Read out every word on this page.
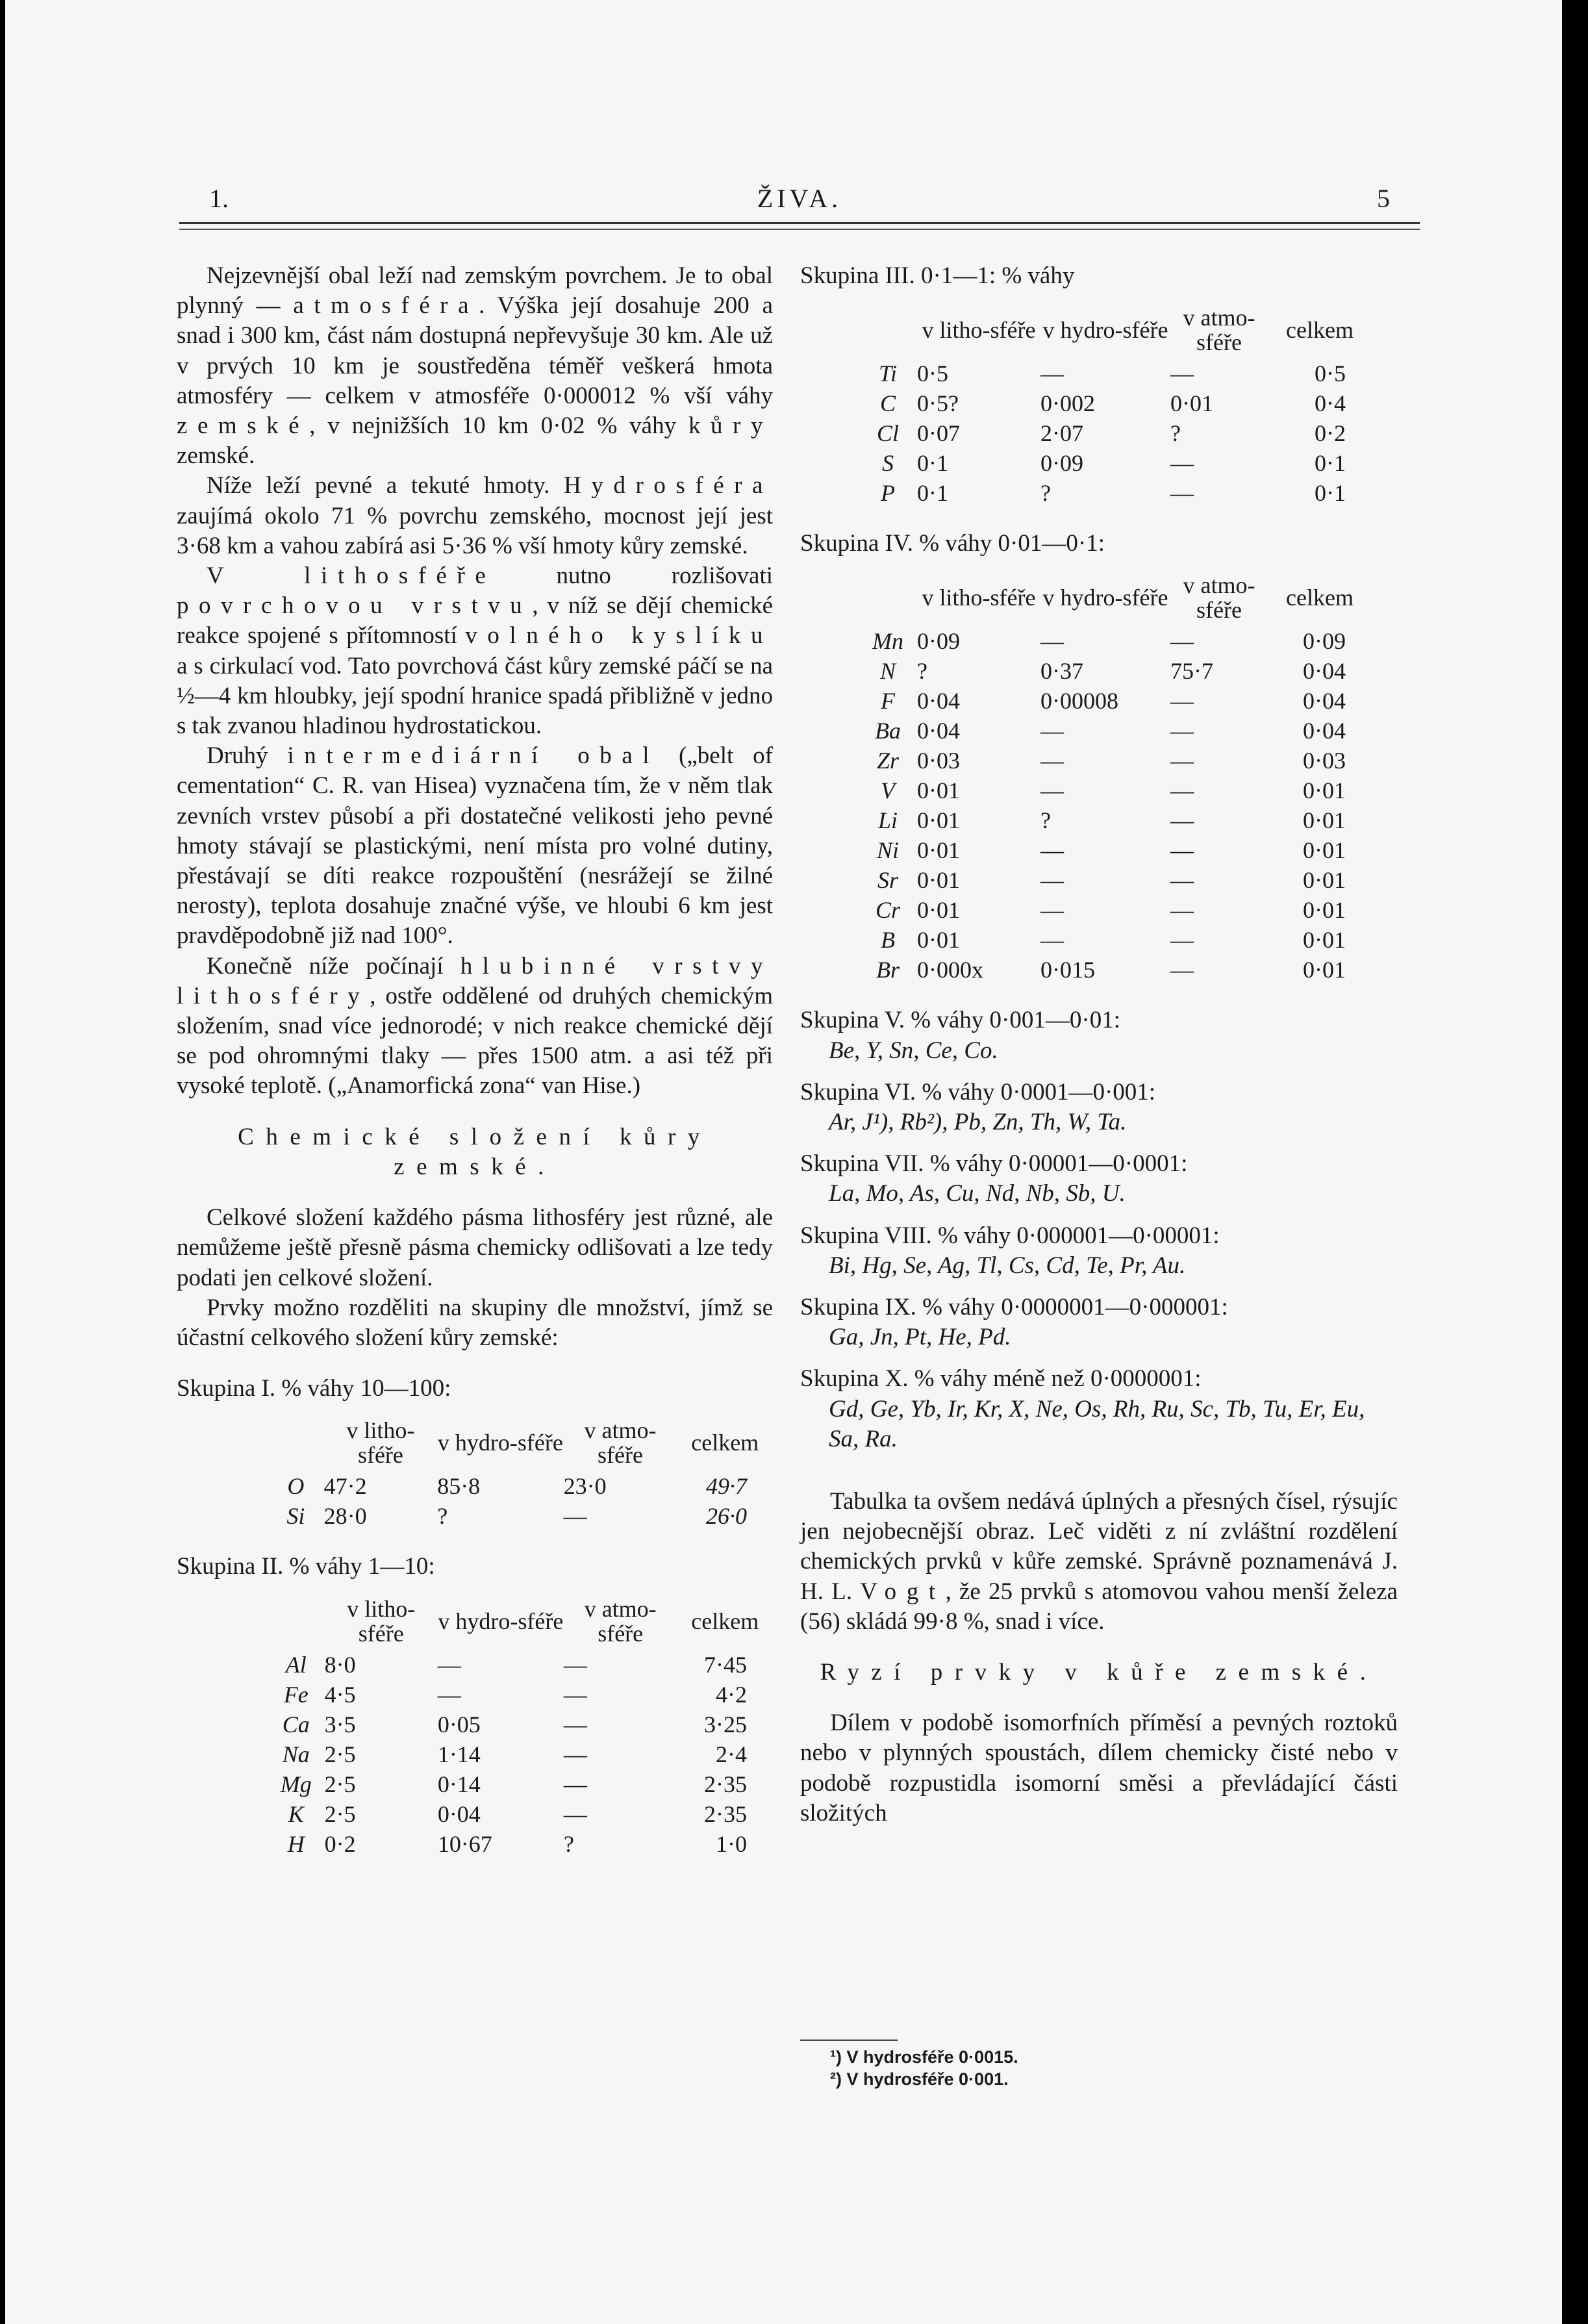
1.	ŽIVA.	5

Nejzevnější obal leží nad zemským povrchem. Je to obal plynný — atmosféra. Výška její dosahuje 200 a snad i 300 km, část nám dostupná nepřevyšuje 30 km. Ale už v prvých 10 km je soustředěna téměř veškerá hmota atmosféry — celkem v atmosféře 0·000012 % vší váhy zemské, v nejnižších 10 km 0·02 % váhy kůry zemské.

Níže leží pevné a tekuté hmoty. Hydrosféra zaujímá okolo 71 % povrchu zemského, mocnost její jest 3·68 km a vahou zabírá asi 5·36 % vší hmoty kůry zemské.

V lithosféře nutno rozlišovati povrchovou vrstvu, v níž se dějí chemické reakce spojené s přítomností volného kyslíku a s cirkulací vod. Tato povrchová část kůry zemské páčí se na ½—4 km hloubky, její spodní hranice spadá přibližně v jedno s tak zvanou hladinou hydrostatickou.

Druhý intermediární obal („belt of cementation“ C. R. van Hisea) vyznačena tím, že v něm tlak zevních vrstev působí a při dostatečné velikosti jeho pevné hmoty stávají se plastickými, není místa pro volné dutiny, přestávají se díti reakce rozpouštění (nesrážejí se žilné nerosty), teplota dosahuje značné výše, ve hloubi 6 km jest pravděpodobně již nad 100°.

Konečně níže počínají hlubinné vrstvy lithosféry, ostře oddělené od druhých chemickým složením, snad více jednorodé; v nich reakce chemické dějí se pod ohromnými tlaky — přes 1500 atm. a asi též při vysoké teplotě. („Anamorfická zona“ van Hise.)

Chemické složení kůry zemské.

Celkové složení každého pásma lithosféry jest různé, ale nemůžeme ještě přesně pásma chemicky odlišovati a lze tedy podati jen celkové složení.

Prvky možno rozděliti na skupiny dle množství, jímž se účastní celkového složení kůry zemské:

Skupina I. % váhy 10—100:

	v litho-sféře	v hydro-sféře	v atmo-sféře	celkem
O	47·2	85·8	23·0	49·7
Si	28·0	?	—	26·0

Skupina II. % váhy 1—10:

	v litho-sféře	v hydro-sféře	v atmo-sféře	celkem
Al	8·0	—	—	7·45
Fe	4·5	—	—	4·2
Ca	3·5	0·05	—	3·25
Na	2·5	1·14	—	2·4
Mg	2·5	0·14	—	2·35
K	2·5	0·04	—	2·35
H	0·2	10·67	?	1·0

Skupina III. 0·1—1: % váhy

	v litho-sféře	v hydro-sféře	v atmo-sféře	celkem
Ti	0·5	—	—	0·5
C	0·5?	0·002	0·01	0·4
Cl	0·07	2·07	?	0·2
S	0·1	0·09	—	0·1
P	0·1	?	—	0·1

Skupina IV. % váhy 0·01—0·1:

	v litho-sféře	v hydro-sféře	v atmo-sféře	celkem
Mn	0·09	—	—	0·09
N	?	0·37	75·7	0·04
F	0·04	0·00008	—	0·04
Ba	0·04	—	—	0·04
Zr	0·03	—	—	0·03
V	0·01	—	—	0·01
Li	0·01	?	—	0·01
Ni	0·01	—	—	0·01
Sr	0·01	—	—	0·01
Cr	0·01	—	—	0·01
B	0·01	—	—	0·01
Br	0·000x	0·015	—	0·01

Skupina V. % váhy 0·001—0·01:

Be, Y, Sn, Ce, Co.

Skupina VI. % váhy 0·0001—0·001:

Ar, J¹), Rb²), Pb, Zn, Th, W, Ta.

Skupina VII. % váhy 0·00001—0·0001:

La, Mo, As, Cu, Nd, Nb, Sb, U.

Skupina VIII. % váhy 0·000001—0·00001:

Bi, Hg, Se, Ag, Tl, Cs, Cd, Te, Pr, Au.

Skupina IX. % váhy 0·0000001—0·000001:

Ga, Jn, Pt, He, Pd.

Skupina X. % váhy méně než 0·0000001:

Gd, Ge, Yb, Ir, Kr, X, Ne, Os, Rh, Ru, Sc, Tb, Tu, Er, Eu, Sa, Ra.

Tabulka ta ovšem nedává úplných a přesných čísel, rýsujíc jen nejobecnější obraz. Leč viděti z ní zvláštní rozdělení chemických prvků v kůře zemské. Správně poznamenává J. H. L. Vogt, že 25 prvků s atomovou vahou menší železa (56) skládá 99·8 %, snad i více.

Ryzí prvky v kůře zemské.

Dílem v podobě isomorfních příměsí a pevných roztoků nebo v plynných spoustách, dílem chemicky čisté nebo v podobě rozpustidla isomorní směsi a převládající části složitých

¹) V hydrosféře 0·0015.

²) V hydrosféře 0·001.
